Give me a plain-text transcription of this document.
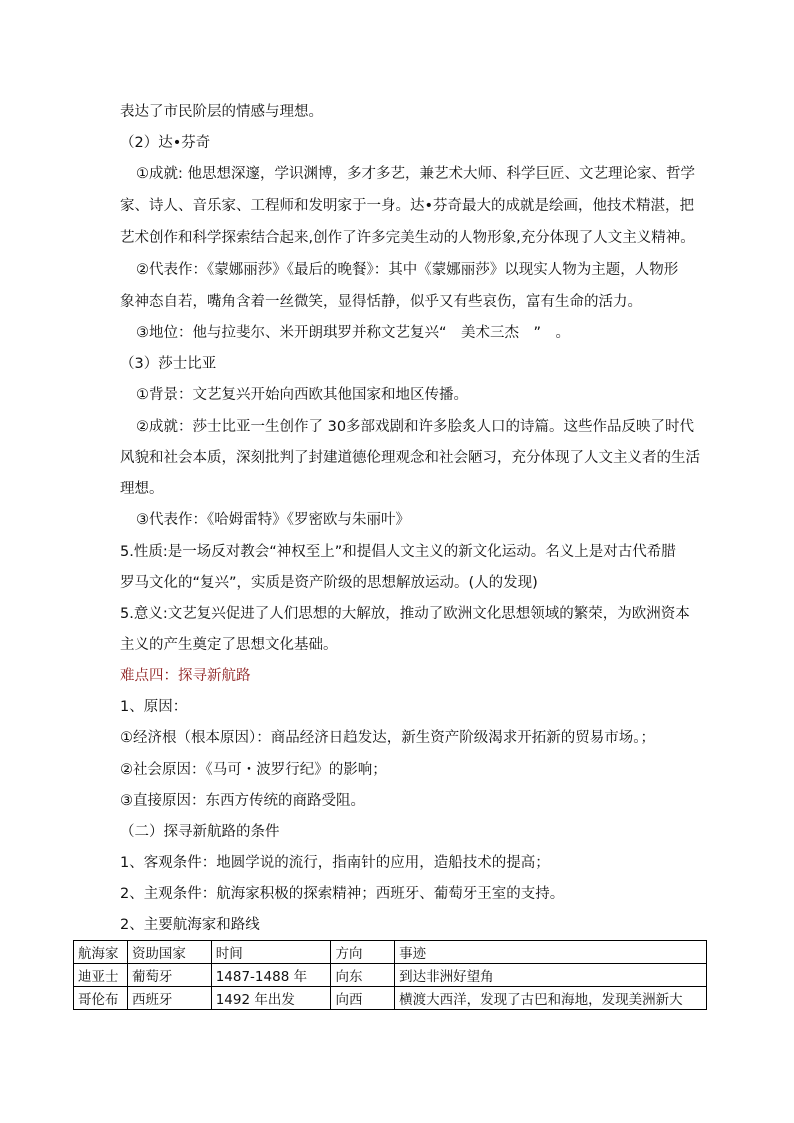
表达了市民阶层的情感与理想。
（2）达•芬奇
①成就: 他思想深邃，学识渊博，多才多艺，兼艺术大师、科学巨匠、文艺理论家、哲学
家、诗人、音乐家、工程师和发明家于一身。达•芬奇最大的成就是绘画，他技术精湛，把
艺术创作和科学探索结合起来,创作了许多完美生动的人物形象,充分体现了人文主义精神。
②代表作：《蒙娜丽莎》《最后的晚餐》：其中《蒙娜丽莎》以现实人物为主题，人物形
象神态自若，嘴角含着一丝微笑，显得恬静，似乎又有些哀伤，富有生命的活力。
③地位：他与拉斐尔、米开朗琪罗并称文艺复兴“　美术三杰　”　。
（3）莎士比亚
①背景：文艺复兴开始向西欧其他国家和地区传播。
②成就：莎士比亚一生创作了 30多部戏剧和许多脍炙人口的诗篇。这些作品反映了时代
风貌和社会本质，深刻批判了封建道德伦理观念和社会陋习，充分体现了人文主义者的生活
理想。
③代表作：《哈姆雷特》《罗密欧与朱丽叶》
5.性质:是一场反对教会“神权至上”和提倡人文主义的新文化运动。名义上是对古代希腊
罗马文化的“复兴”，实质是资产阶级的思想解放运动。(人的发现)
5.意义:文艺复兴促进了人们思想的大解放，推动了欧洲文化思想领域的繁荣，为欧洲资本
主义的产生奠定了思想文化基础。
难点四：探寻新航路
1、原因：
①经济根（根本原因）：商品经济日趋发达，新生资产阶级渴求开拓新的贸易市场。；
②社会原因：《马可・波罗行纪》的影响；
③直接原因：东西方传统的商路受阻。
（二）探寻新航路的条件
1、客观条件：地圆学说的流行，指南针的应用，造船技术的提高；
2、主观条件：航海家积极的探索精神；西班牙、葡萄牙王室的支持。
2、主要航海家和路线
航海家	资助国家	时间	方向	事迹
迪亚士	葡萄牙	1487-1488 年	向东	到达非洲好望角
哥伦布	西班牙	1492 年出发	向西	横渡大西洋，发现了古巴和海地，发现美洲新大
